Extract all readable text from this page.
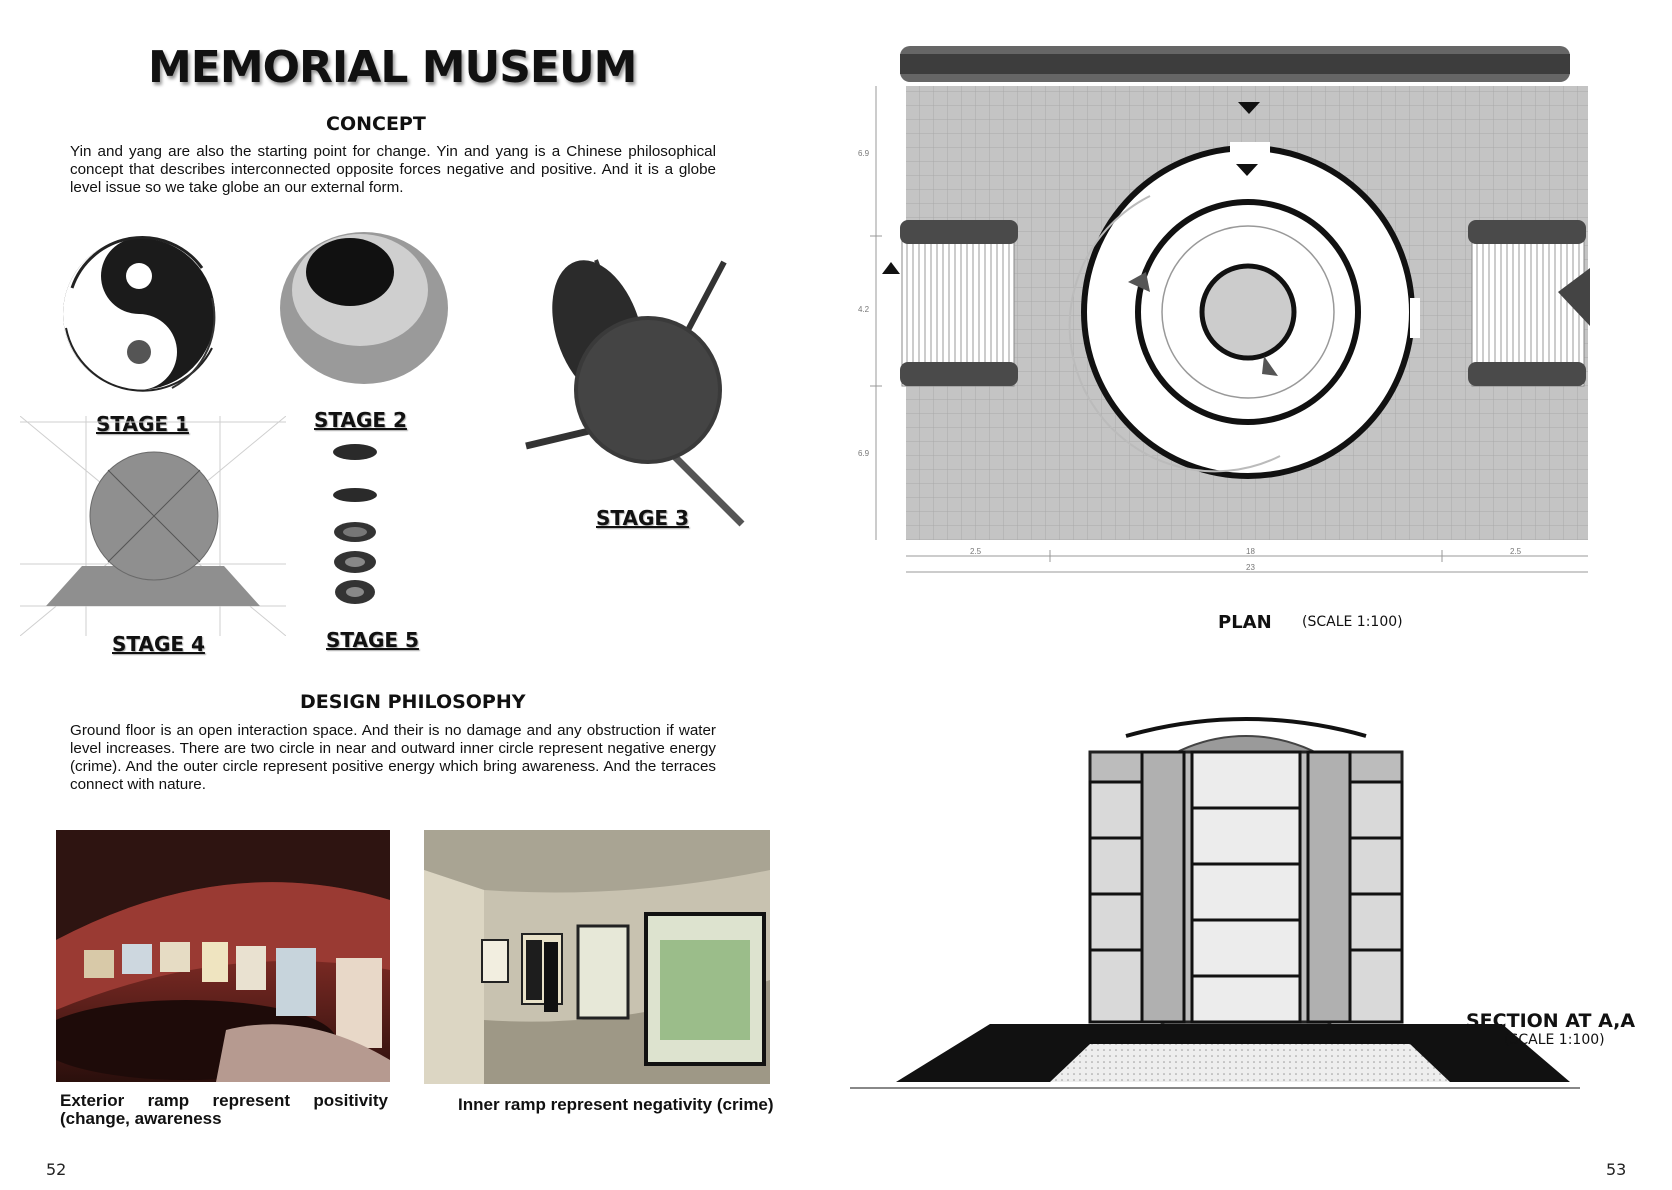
MEMORIAL MUSEUM
CONCEPT
Yin and yang are also the starting point for change. Yin and yang is a Chinese philosophical concept that describes interconnected opposite forces negative and positive. And it is a globe level issue so we take globe an our external form.
STAGE 1	STAGE 2
STAGE 4	STAGE 5
STAGE 3
DESIGN PHILOSOPHY
Ground floor is an open interaction space. And their is no damage and any obstruction if water level increases. There are two circle in near and outward inner circle represent negative energy (crime). And the outer circle represent positive energy which bring awareness. And the terraces connect with nature.
Exterior ramp represent positivity (change, awareness
Inner ramp represent negativity (crime)
52
2.5	18	2.5
23
6.9
4.2
6.9
PLAN (SCALE 1:100)
SECTION AT A,A
(SCALE 1:100)
53
